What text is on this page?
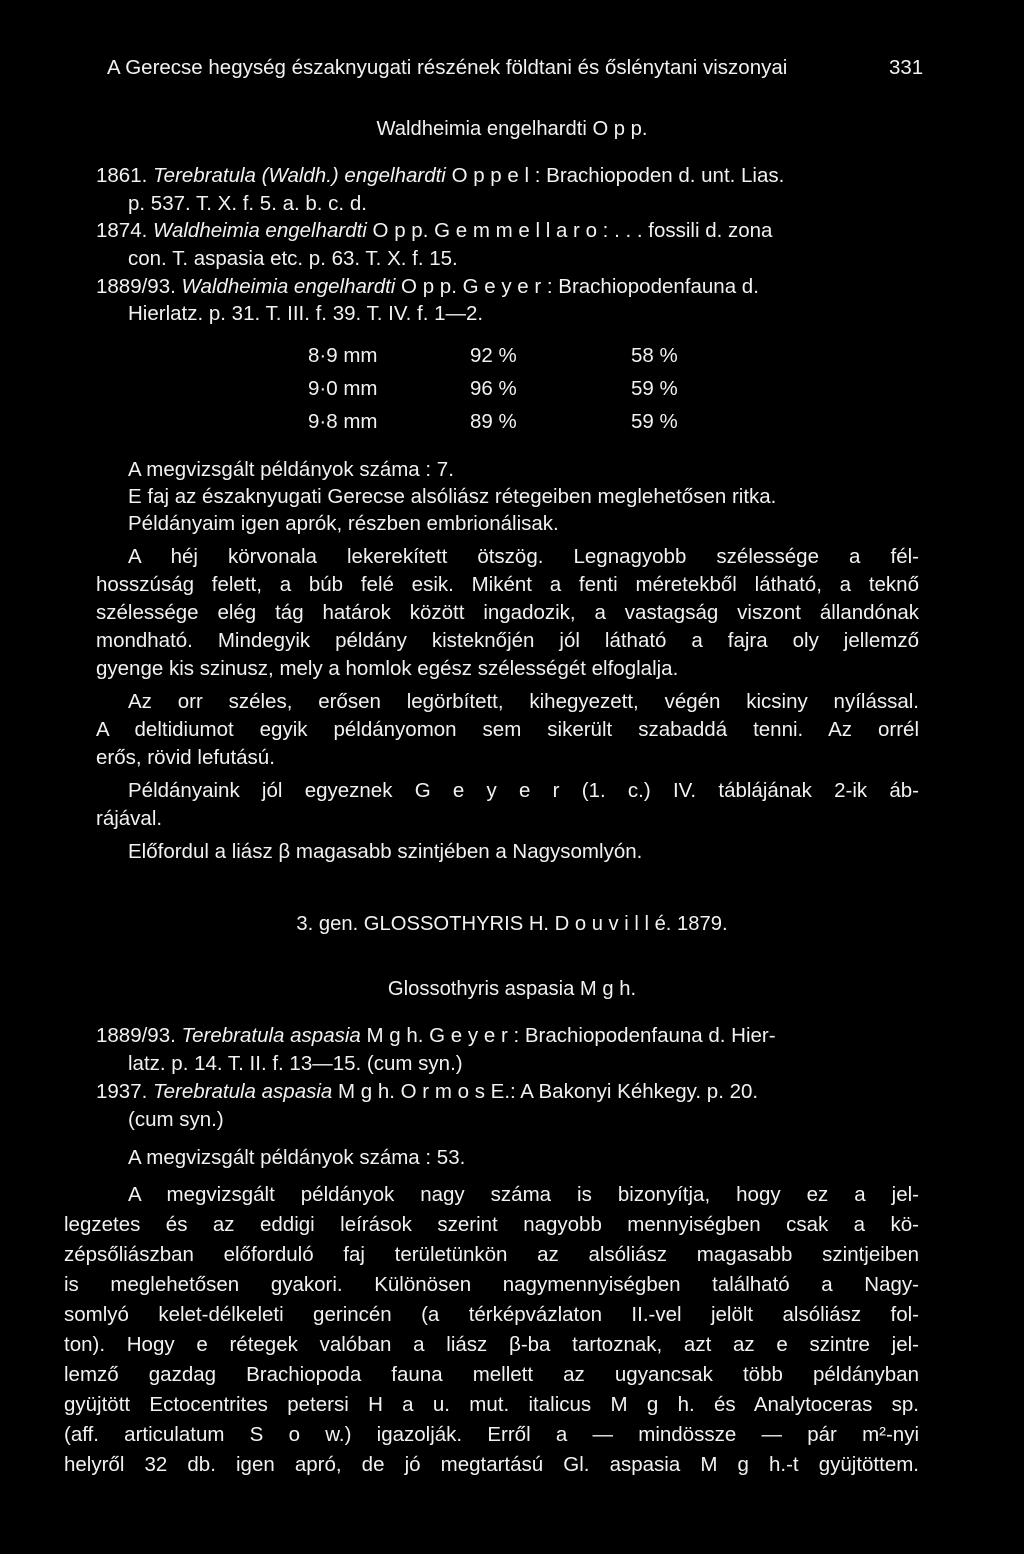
A Gerecse hegység északnyugati részének földtani és őslénytani viszonyai	331
Waldheimia engelhardti O p p.
1861. Terebratula (Waldh.) engelhardti O p p e l : Brachiopoden d. unt. Lias.
p. 537. T. X. f. 5. a. b. c. d.
1874. Waldheimia engelhardti O p p. G e m m e l l a r o : . . . fossili d. zona
con. T. aspasia etc. p. 63. T. X. f. 15.
1889/93. Waldheimia engelhardti O p p. G e y e r : Brachiopodenfauna d.
Hierlatz. p. 31. T. III. f. 39. T. IV. f. 1—2.
8·9 mm	92 %	58 %
9·0 mm	96 %	59 %
9·8 mm	89 %	59 %
A megvizsgált példányok száma : 7.
E faj az északnyugati Gerecse alsóliász rétegeiben meglehetősen ritka.
Példányaim igen aprók, részben embrionálisak.
A héj körvonala lekerekített ötszög. Legnagyobb szélessége a fél-
hosszúság felett, a búb felé esik. Miként a fenti méretekből látható, a teknő
szélessége elég tág határok között ingadozik, a vastagság viszont állandónak
mondható. Mindegyik példány kisteknőjén jól látható a fajra oly jellemző
gyenge kis szinusz, mely a homlok egész szélességét elfoglalja.
Az orr széles, erősen legörbített, kihegyezett, végén kicsiny nyílással.
A deltidiumot egyik példányomon sem sikerült szabaddá tenni. Az orrél
erős, rövid lefutású.
Példányaink jól egyeznek G e y e r (1. c.) IV. táblájának 2-ik áb-
rájával.
Előfordul a liász β magasabb szintjében a Nagysomlyón.
3. gen. GLOSSOTHYRIS H. D o u v i l l é. 1879.
Glossothyris aspasia M g h.
1889/93. Terebratula aspasia M g h. G e y e r : Brachiopodenfauna d. Hier-
latz. p. 14. T. II. f. 13—15. (cum syn.)
1937. Terebratula aspasia M g h. O r m o s E.: A Bakonyi Kéhkegy. p. 20.
(cum syn.)
A megvizsgált példányok száma : 53.
A megvizsgált példányok nagy száma is bizonyítja, hogy ez a jel-
legzetes és az eddigi leírások szerint nagyobb mennyiségben csak a kö-
zépsőliászban előforduló faj területünkön az alsóliász magasabb szintjeiben
is meglehetősen gyakori. Különösen nagymennyiségben található a Nagy-
somlyó kelet-délkeleti gerincén (a térképvázlaton II.-vel jelölt alsóliász fol-
ton). Hogy e rétegek valóban a liász β-ba tartoznak, azt az e szintre jel-
lemző gazdag Brachiopoda fauna mellett az ugyancsak több példányban
gyüjtött Ectocentrites petersi H a u. mut. italicus M g h. és Analytoceras sp.
(aff. articulatum S o w.) igazolják. Erről a — mindössze — pár m²-nyi
helyről 32 db. igen apró, de jó megtartású Gl. aspasia M g h.-t gyüjtöttem.
